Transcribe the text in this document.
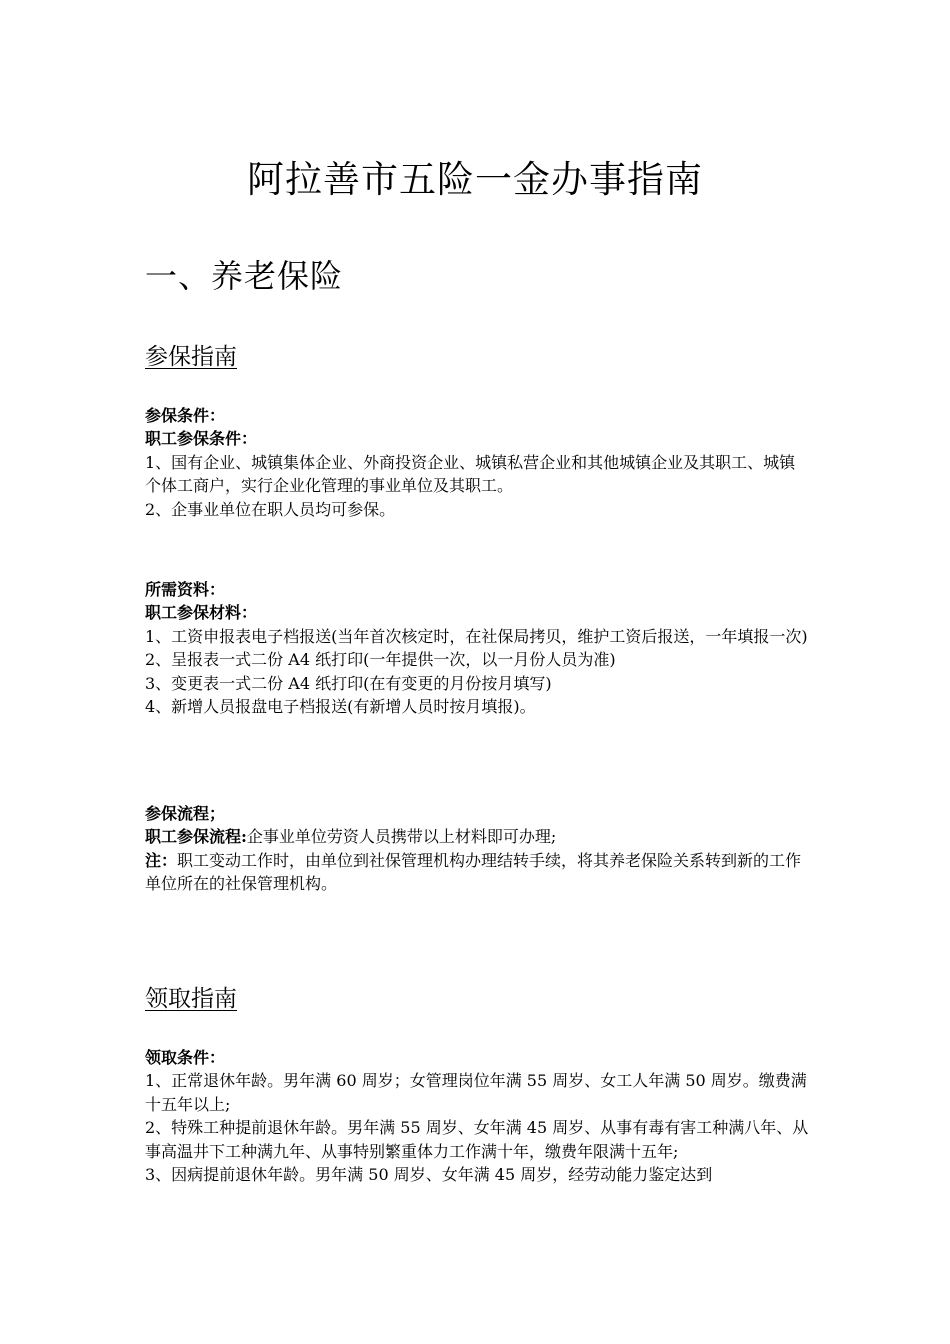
阿拉善市五险一金办事指南
一、养老保险
参保指南

参保条件：

职工参保条件：

1、国有企业、城镇集体企业、外商投资企业、城镇私营企业和其他城镇企业及其职工、城镇个体工商户，实行企业化管理的事业单位及其职工。

2、企事业单位在职人员均可参保。

所需资料：

职工参保材料：

1、工资申报表电子档报送(当年首次核定时，在社保局拷贝，维护工资后报送，一年填报一次)

2、呈报表一式二份 A4 纸打印(一年提供一次，以一月份人员为准)

3、变更表一式二份 A4 纸打印(在有变更的月份按月填写)

4、新增人员报盘电子档报送(有新增人员时按月填报)。

参保流程；

职工参保流程:企事业单位劳资人员携带以上材料即可办理;

注：职工变动工作时，由单位到社保管理机构办理结转手续，将其养老保险关系转到新的工作单位所在的社保管理机构。

领取指南

领取条件：

1、正常退休年龄。男年满 60 周岁；女管理岗位年满 55 周岁、女工人年满 50 周岁。缴费满十五年以上;

2、特殊工种提前退休年龄。男年满 55 周岁、女年满 45 周岁、从事有毒有害工种满八年、从事高温井下工种满九年、从事特别繁重体力工作满十年，缴费年限满十五年;

3、因病提前退休年龄。男年满 50 周岁、女年满 45 周岁，经劳动能力鉴定达到
